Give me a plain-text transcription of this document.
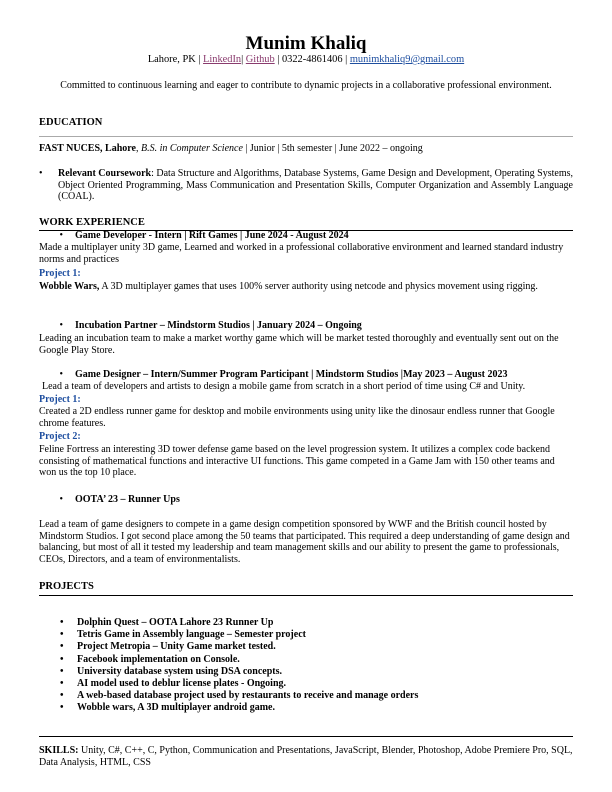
Munim Khaliq
Lahore, PK | LinkedIn| Github | 0322-4861406 | munimkhaliq9@gmail.com
Committed to continuous learning and eager to contribute to dynamic projects in a collaborative professional environment.
EDUCATION
FAST NUCES, Lahore, B.S. in Computer Science | Junior | 5th semester | June 2022 – ongoing
•	Relevant Coursework: Data Structure and Algorithms, Database Systems, Game Design and Development, Operating Systems, Object Oriented Programming, Mass Communication and Presentation Skills, Computer Organization and Assembly Language (COAL).
WORK EXPERIENCE
• Game Developer - Intern | Rift Games | June 2024 - August 2024
Made a multiplayer unity 3D game, Learned and worked in a professional collaborative environment and learned standard industry norms and practices
Project 1:
Wobble Wars, A 3D multiplayer games that uses 100% server authority using netcode and physics movement using rigging.
• Incubation Partner – Mindstorm Studios | January 2024 – Ongoing
Leading an incubation team to make a market worthy game which will be market tested thoroughly and eventually sent out on the Google Play Store.
• Game Designer – Intern/Summer Program Participant | Mindstorm Studios |May 2023 – August 2023
Lead a team of developers and artists to design a mobile game from scratch in a short period of time using C# and Unity.
Project 1:
Created a 2D endless runner game for desktop and mobile environments using unity like the dinosaur endless runner that Google chrome features.
Project 2:
Feline Fortress an interesting 3D tower defense game based on the level progression system. It utilizes a complex code backend consisting of mathematical functions and interactive UI functions. This game competed in a Game Jam with 150 other teams and won us the top 10 place.
• OOTA’ 23 – Runner Ups
Lead a team of game designers to compete in a game design competition sponsored by WWF and the British council hosted by Mindstorm Studios. I got second place among the 50 teams that participated. This required a deep understanding of game design and balancing, but most of all it tested my leadership and team management skills and our ability to present the game to professionals, CEOs, Directors, and a team of environmentalists.
PROJECTS
• Dolphin Quest – OOTA Lahore 23 Runner Up
• Tetris Game in Assembly language – Semester project
• Project Metropia – Unity Game market tested.
• Facebook implementation on Console.
• University database system using DSA concepts.
• AI model used to deblur license plates - Ongoing.
• A web-based database project used by restaurants to receive and manage orders
• Wobble wars, A 3D multiplayer android game.
SKILLS: Unity, C#, C++, C, Python, Communication and Presentations, JavaScript, Blender, Photoshop, Adobe Premiere Pro, SQL, Data Analysis, HTML, CSS
